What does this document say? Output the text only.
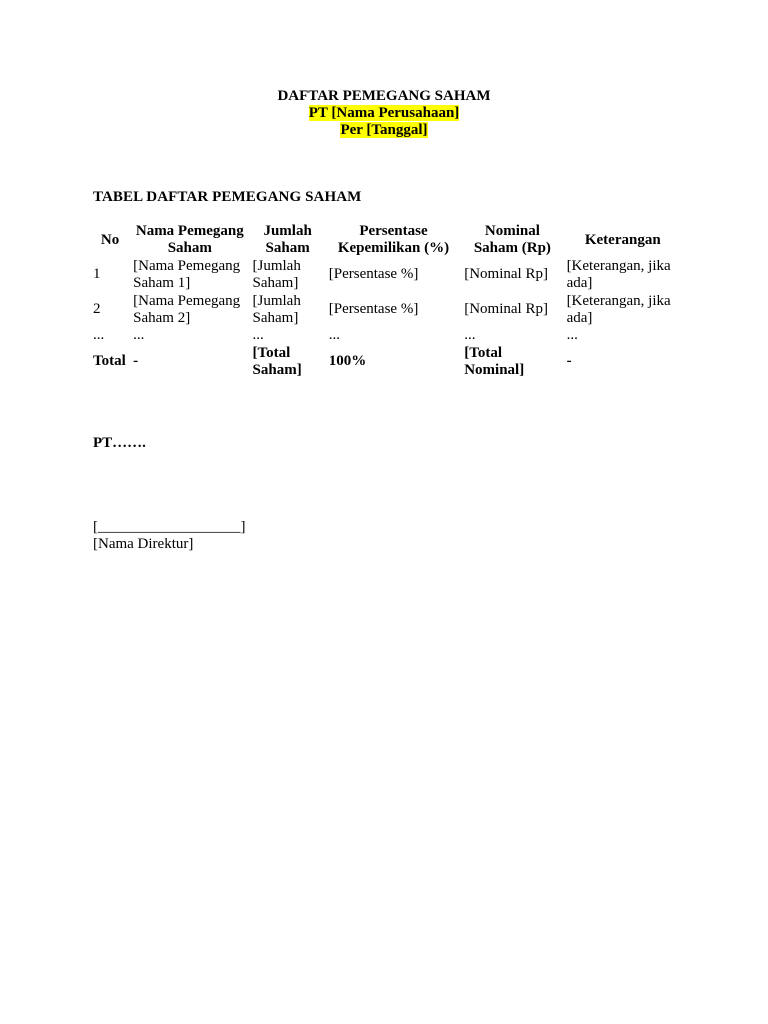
DAFTAR PEMEGANG SAHAM
PT [Nama Perusahaan]
Per [Tanggal]
TABEL DAFTAR PEMEGANG SAHAM
No	Nama Pemegang Saham	Jumlah Saham	Persentase Kepemilikan (%)	Nominal Saham (Rp)	Keterangan
1	[Nama Pemegang Saham 1]	[Jumlah Saham]	[Persentase %]	[Nominal Rp]	[Keterangan, jika ada]
2	[Nama Pemegang Saham 2]	[Jumlah Saham]	[Persentase %]	[Nominal Rp]	[Keterangan, jika ada]
...	...	...	...	...	...
Total	-	[Total Saham]	100%	[Total Nominal]	-
PT…….
[___________________]
[Nama Direktur]
